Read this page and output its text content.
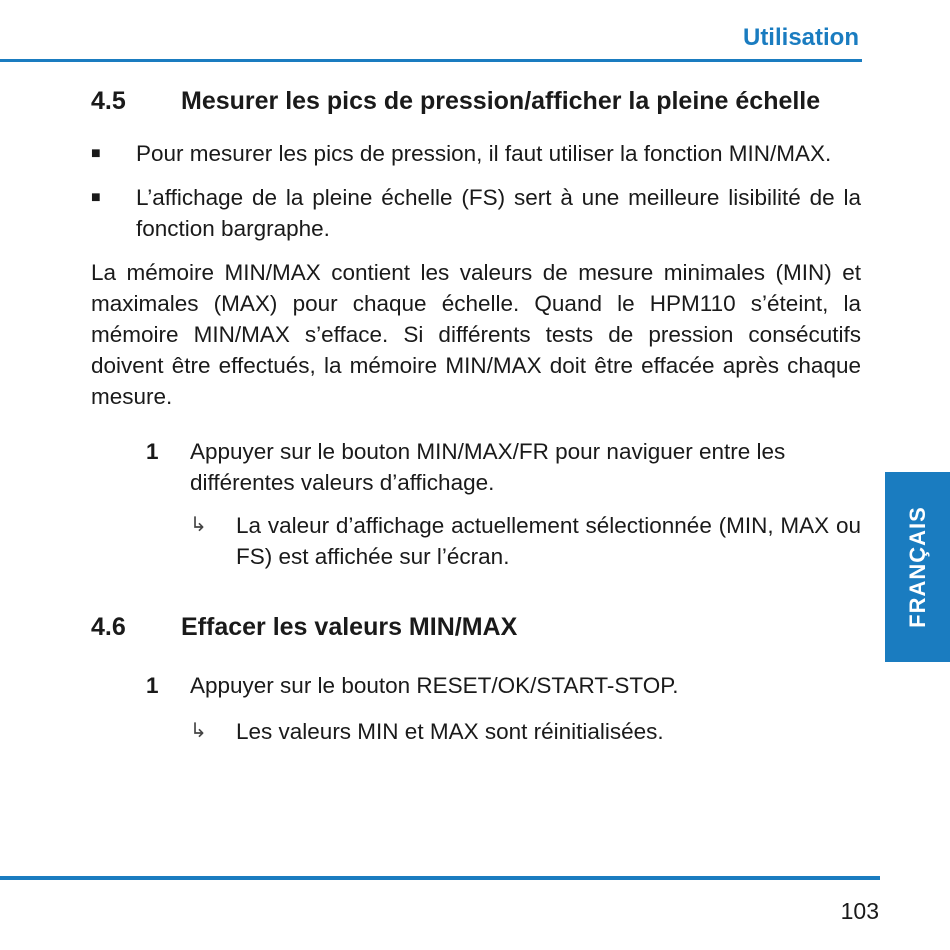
Utilisation
4.5	Mesurer les pics de pression/afficher la pleine échelle
■	Pour mesurer les pics de pression, il faut utiliser la fonction MIN/MAX.
■	L’affichage de la pleine échelle (FS) sert à une meilleure lisibilité de la fonction bargraphe.

La mémoire MIN/MAX contient les valeurs de mesure minimales (MIN) et maximales (MAX) pour chaque échelle. Quand le HPM110 s’éteint, la mémoire MIN/MAX s’efface. Si différents tests de pression consécutifs doivent être effectués, la mémoire MIN/MAX doit être effacée après chaque mesure.

1	Appuyer sur le bouton MIN/MAX/FR pour naviguer entre les différentes valeurs d’affichage.
↳	La valeur d’affichage actuellement sélectionnée (MIN, MAX ou FS) est affichée sur l’écran.
4.6	Effacer les valeurs MIN/MAX
1	Appuyer sur le bouton RESET/OK/START-STOP.
↳	Les valeurs MIN et MAX sont réinitialisées.
FRANÇAIS
103
